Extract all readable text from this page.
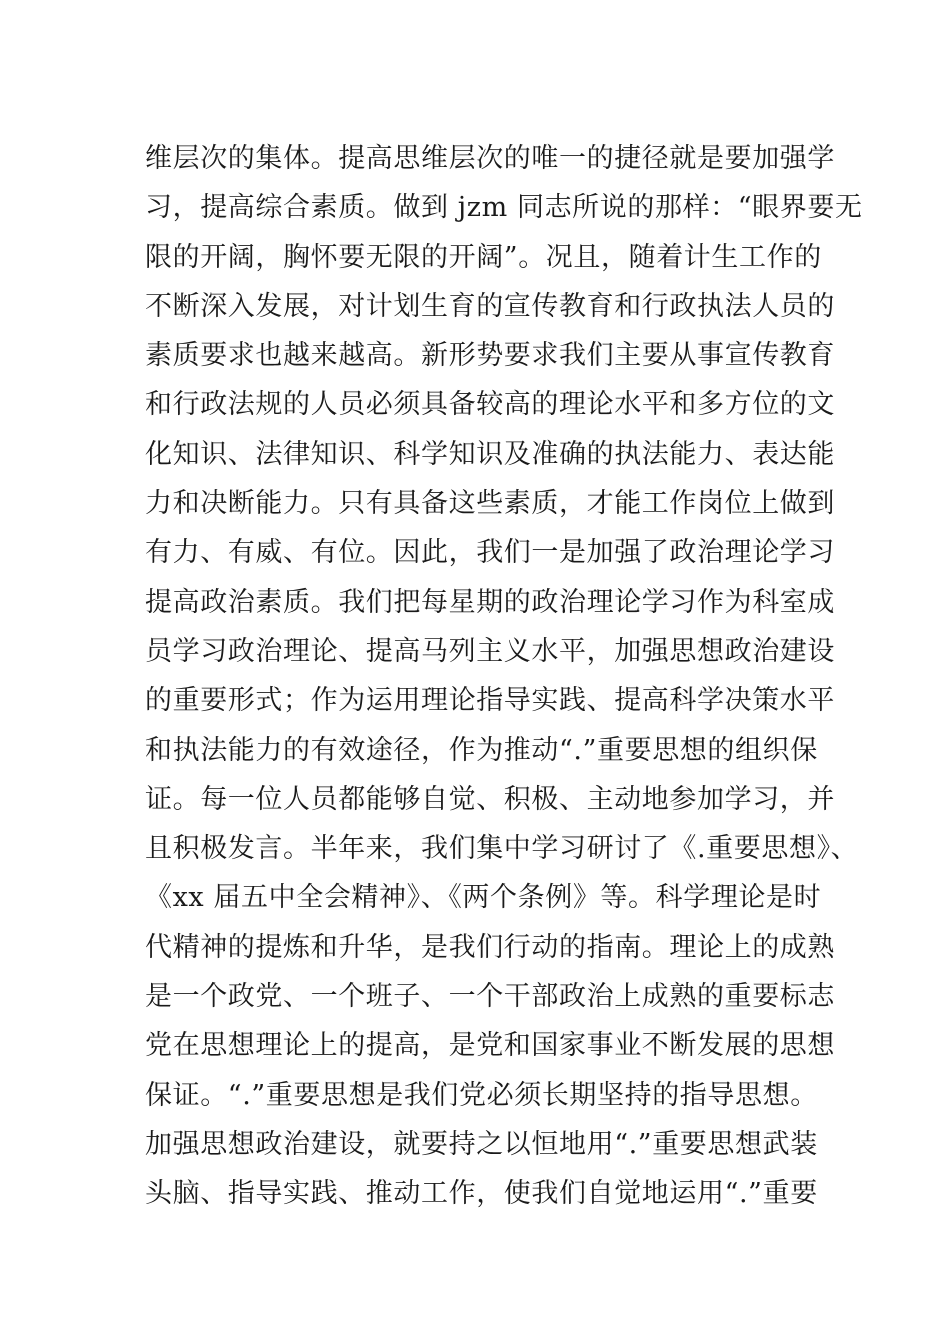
维层次的集体。提高思维层次的唯一的捷径就是要加强学
习，提高综合素质。做到 jzm 同志所说的那样：“眼界要无
限的开阔，胸怀要无限的开阔”。况且，随着计生工作的
不断深入发展，对计划生育的宣传教育和行政执法人员的
素质要求也越来越高。新形势要求我们主要从事宣传教育
和行政法规的人员必须具备较高的理论水平和多方位的文
化知识、法律知识、科学知识及准确的执法能力、表达能
力和决断能力。只有具备这些素质，才能工作岗位上做到
有力、有威、有位。因此，我们一是加强了政治理论学习
提高政治素质。我们把每星期的政治理论学习作为科室成
员学习政治理论、提高马列主义水平，加强思想政治建设
的重要形式；作为运用理论指导实践、提高科学决策水平
和执法能力的有效途径，作为推动“.”重要思想的组织保
证。每一位人员都能够自觉、积极、主动地参加学习，并
且积极发言。半年来，我们集中学习研讨了《.重要思想》、
《xx 届五中全会精神》、《两个条例》等。科学理论是时
代精神的提炼和升华，是我们行动的指南。理论上的成熟
是一个政党、一个班子、一个干部政治上成熟的重要标志
党在思想理论上的提高，是党和国家事业不断发展的思想
保证。“.”重要思想是我们党必须长期坚持的指导思想。
加强思想政治建设，就要持之以恒地用“.”重要思想武装
头脑、指导实践、推动工作，使我们自觉地运用“.”重要
